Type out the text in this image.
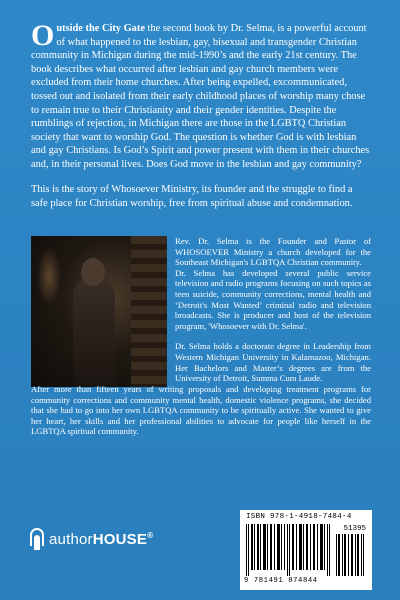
Outside the City Gate the second book by Dr. Selma, is a powerful account of what happened to the lesbian, gay, bisexual and transgender Christian community in Michigan during the mid-1990’s and the early 21st century. The book describes what occurred after lesbian and gay church members were excluded from their home churches. After being expelled, excommunicated, tossed out and isolated from their early childhood places of worship many chose to remain true to their Christianity and their gender identities. Despite the rumblings of rejection, in Michigan there are those in the LGBTQ Christian society that want to worship God. The question is whether God is with lesbian and gay Christians. Is God’s Spirit and power present with them in their churches and, in their personal lives. Does God move in the lesbian and gay community?
This is the story of Whosoever Ministry, its founder and the struggle to find a safe place for Christian worship, free from spiritual abuse and condemnation.

Rev. Dr. Selma is the Founder and Pastor of WHOSOEVER Ministry a church developed for the Southeast Michigan's LGBTQA Christian community.

Dr. Selma has developed several public service television and radio programs focusing on such topics as teen suicide, community corrections, mental health and ‘Detroit's Most Wanted’ criminal radio and television broadcasts. She is producer and host of the television program, 'Whosoever with Dr. Selma'.

Dr. Selma holds a doctorate degree in Leadership from Western Michigan University in Kalamazoo, Michigan. Her Bachelors and Master’s degrees are from the University of Detroit, Summa Cum Laude.

After more than fifteen years of writing proposals and developing treatment programs for community corrections and community mental health, domestic violence programs, she decided that she had to go into her own LGBTQA community to be spiritually active. She wanted to give her heart, her skills and her professional abilities to advocate for people like herself in the LGBTQA spiritual community.
authorHOUSE®
ISBN 978-1-4918-7484-4
51395
9 781491 874844
